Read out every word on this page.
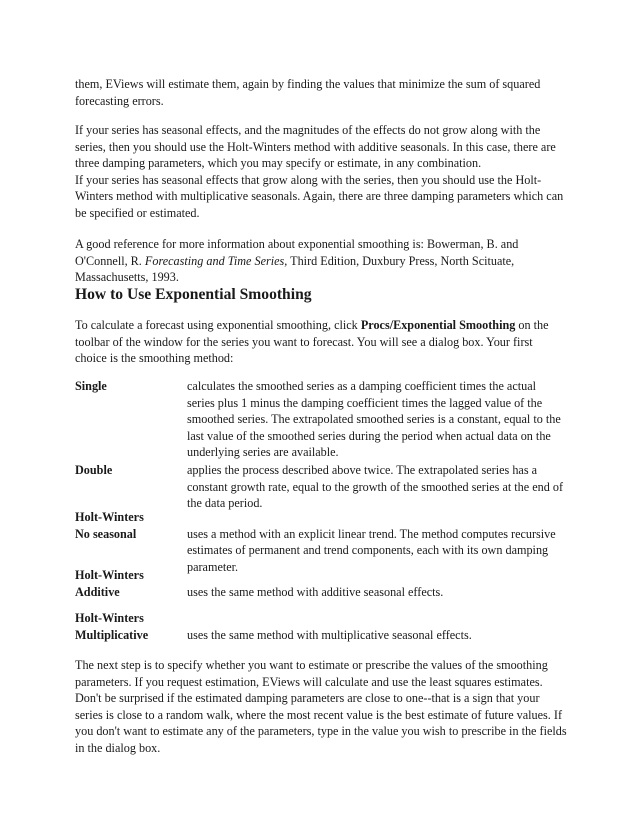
them, EViews will estimate them, again by finding the values that minimize the sum of squared forecasting errors.

If your series has seasonal effects, and the magnitudes of the effects do not grow along with the series, then you should use the Holt-Winters method with additive seasonals. In this case, there are three damping parameters, which you may specify or estimate, in any combination.
If your series has seasonal effects that grow along with the series, then you should use the Holt-Winters method with multiplicative seasonals. Again, there are three damping parameters which can be specified or estimated.

A good reference for more information about exponential smoothing is: Bowerman, B. and O'Connell, R. Forecasting and Time Series, Third Edition, Duxbury Press, North Scituate, Massachusetts, 1993.

How to Use Exponential Smoothing

To calculate a forecast using exponential smoothing, click Procs/Exponential Smoothing on the toolbar of the window for the series you want to forecast. You will see a dialog box. Your first choice is the smoothing method:

Single	calculates the smoothed series as a damping coefficient times the actual series plus 1 minus the damping coefficient times the lagged value of the smoothed series. The extrapolated smoothed series is a constant, equal to the last value of the smoothed series during the period when actual data on the underlying series are available.
Double	applies the process described above twice. The extrapolated series has a constant growth rate, equal to the growth of the smoothed series at the end of the data period.
Holt-Winters
No seasonal	uses a method with an explicit linear trend. The method computes recursive estimates of permanent and trend components, each with its own damping parameter.
Holt-Winters
Additive	uses the same method with additive seasonal effects.
Holt-Winters
Multiplicative	uses the same method with multiplicative seasonal effects.

The next step is to specify whether you want to estimate or prescribe the values of the smoothing parameters. If you request estimation, EViews will calculate and use the least squares estimates. Don't be surprised if the estimated damping parameters are close to one--that is a sign that your series is close to a random walk, where the most recent value is the best estimate of future values. If you don't want to estimate any of the parameters, type in the value you wish to prescribe in the fields in the dialog box.
